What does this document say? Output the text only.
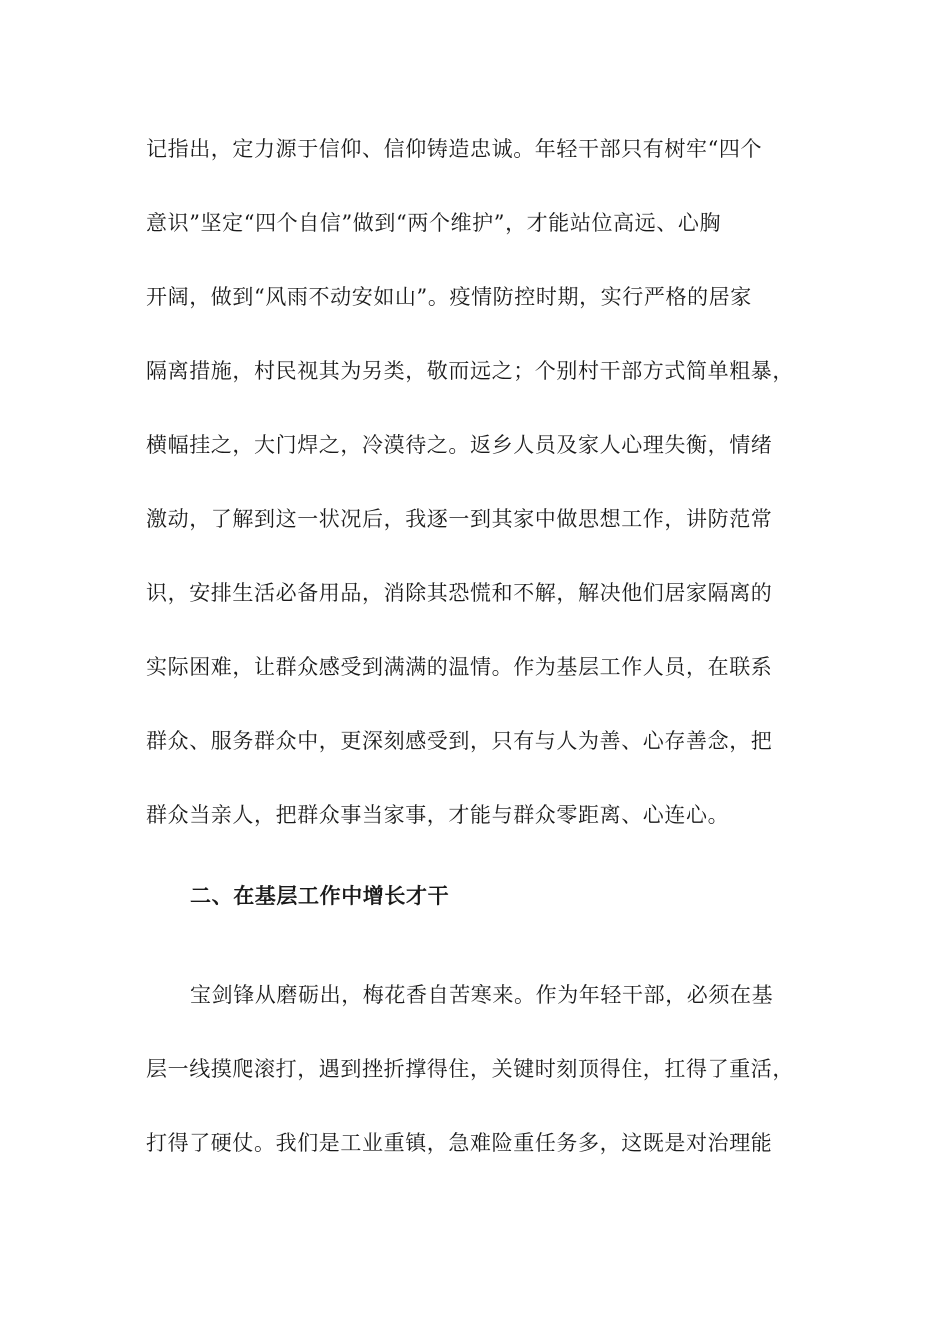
记指出，定力源于信仰、信仰铸造忠诚。年轻干部只有树牢“四个
意识”坚定“四个自信”做到“两个维护”，才能站位高远、心胸
开阔，做到“风雨不动安如山”。疫情防控时期，实行严格的居家
隔离措施，村民视其为另类，敬而远之；个别村干部方式简单粗暴，
横幅挂之，大门焊之，冷漠待之。返乡人员及家人心理失衡，情绪
激动，了解到这一状况后，我逐一到其家中做思想工作，讲防范常
识，安排生活必备用品，消除其恐慌和不解，解决他们居家隔离的
实际困难，让群众感受到满满的温情。作为基层工作人员，在联系
群众、服务群众中，更深刻感受到，只有与人为善、心存善念，把
群众当亲人，把群众事当家事，才能与群众零距离、心连心。
二、在基层工作中增长才干
宝剑锋从磨砺出，梅花香自苦寒来。作为年轻干部，必须在基
层一线摸爬滚打，遇到挫折撑得住，关键时刻顶得住，扛得了重活，
打得了硬仗。我们是工业重镇，急难险重任务多，这既是对治理能
